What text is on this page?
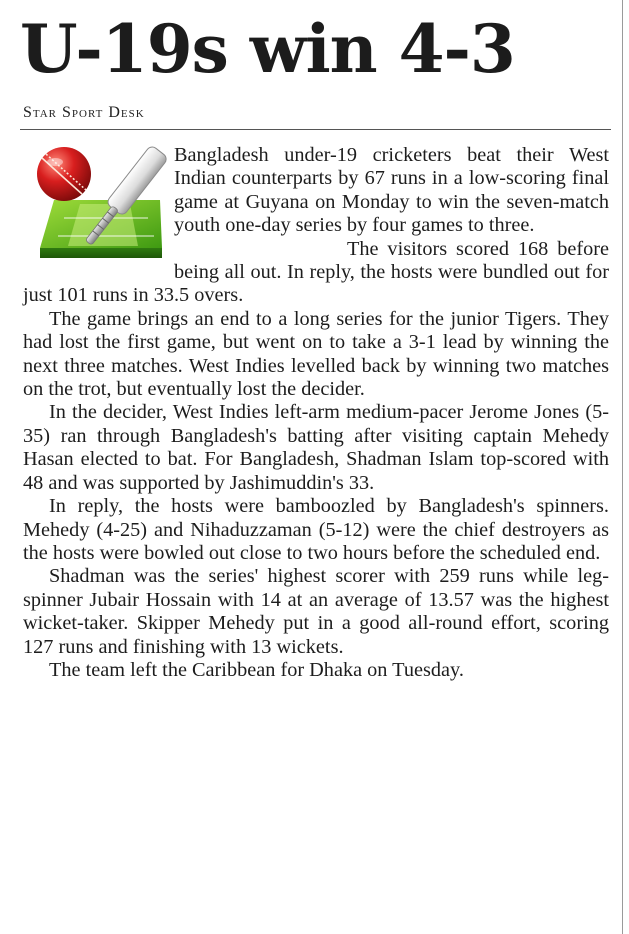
U-19s win 4-3
Star Sport Desk

Bangladesh under-19 cricketers beat their West Indian counterparts by 67 runs in a low-scoring final game at Guyana on Monday to win the seven-match youth one-day series by four games to three.

The visitors scored 168 before being all out. In reply, the hosts were bundled out for just 101 runs in 33.5 overs.

The game brings an end to a long series for the junior Tigers. They had lost the first game, but went on to take a 3-1 lead by winning the next three matches. West Indies levelled back by winning two matches on the trot, but eventually lost the decider.

In the decider, West Indies left-arm medium-pacer Jerome Jones (5-35) ran through Bangladesh's batting after visiting captain Mehedy Hasan elected to bat. For Bangladesh, Shadman Islam top-scored with 48 and was supported by Jashimuddin's 33.

In reply, the hosts were bamboozled by Bangladesh's spinners. Mehedy (4-25) and Nihaduzzaman (5-12) were the chief destroyers as the hosts were bowled out close to two hours before the scheduled end.

Shadman was the series' highest scorer with 259 runs while leg-spinner Jubair Hossain with 14 at an average of 13.57 was the highest wicket-taker. Skipper Mehedy put in a good all-round effort, scoring 127 runs and finishing with 13 wickets.

The team left the Caribbean for Dhaka on Tuesday.
